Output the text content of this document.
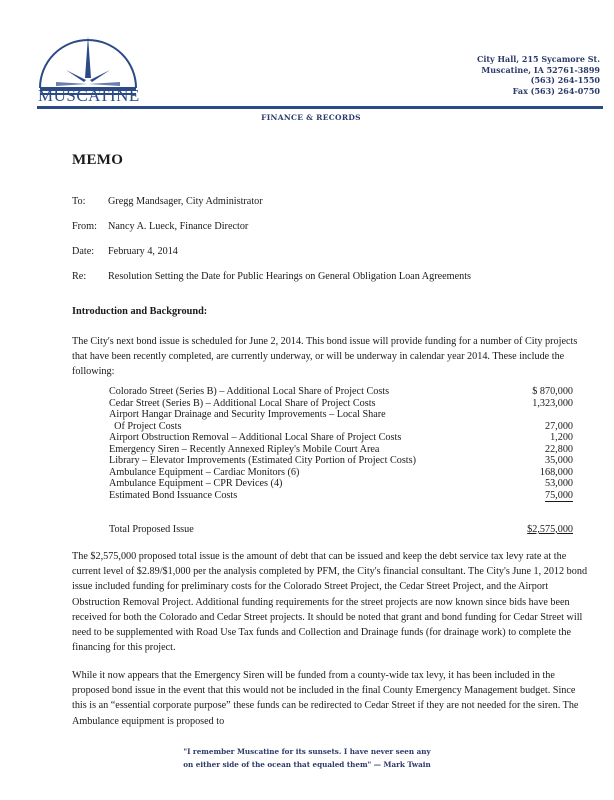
MUSCATINE
City Hall, 215 Sycamore St.
Muscatine, IA 52761-3899
(563) 264-1550
Fax (563) 264-0750
FINANCE & RECORDS
MEMO
To: Gregg Mandsager, City Administrator
From: Nancy A. Lueck, Finance Director
Date: February 4, 2014
Re: Resolution Setting the Date for Public Hearings on General Obligation Loan Agreements
Introduction and Background:
The City's next bond issue is scheduled for June 2, 2014. This bond issue will provide funding for a number of City projects that have been recently completed, are currently underway, or will be underway in calendar year 2014. These include the following:
Colorado Street (Series B) – Additional Local Share of Project Costs	$ 870,000
Cedar Street (Series B) – Additional Local Share of Project Costs	1,323,000
Airport Hangar Drainage and Security Improvements – Local Share
Of Project Costs	27,000
Airport Obstruction Removal – Additional Local Share of Project Costs	1,200
Emergency Siren – Recently Annexed Ripley's Mobile Court Area	22,800
Library – Elevator Improvements (Estimated City Portion of Project Costs)	35,000
Ambulance Equipment – Cardiac Monitors (6)	168,000
Ambulance Equipment – CPR Devices (4)	53,000
Estimated Bond Issuance Costs	75,000
Total Proposed Issue	$2,575,000
The $2,575,000 proposed total issue is the amount of debt that can be issued and keep the debt service tax levy rate at the current level of $2.89/$1,000 per the analysis completed by PFM, the City's financial consultant. The City's June 1, 2012 bond issue included funding for preliminary costs for the Colorado Street Project, the Cedar Street Project, and the Airport Obstruction Removal Project. Additional funding requirements for the street projects are now known since bids have been received for both the Colorado and Cedar Street projects. It should be noted that grant and bond funding for Cedar Street will need to be supplemented with Road Use Tax funds and Collection and Drainage funds (for drainage work) to complete the financing for this project.
While it now appears that the Emergency Siren will be funded from a county-wide tax levy, it has been included in the proposed bond issue in the event that this would not be included in the final County Emergency Management budget. Since this is an “essential corporate purpose” these funds can be redirected to Cedar Street if they are not needed for the siren. The Ambulance equipment is proposed to
"I remember Muscatine for its sunsets. I have never seen any
on either side of the ocean that equaled them" — Mark Twain
